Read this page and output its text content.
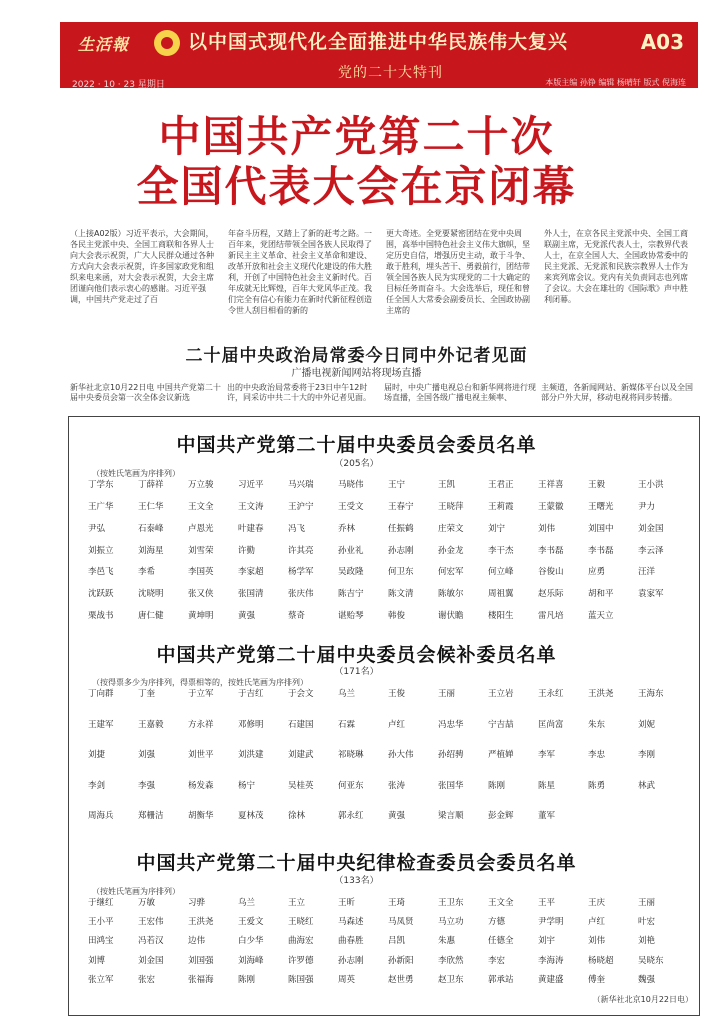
生活報	以中国式现代化全面推进中华民族伟大复兴	A03
党的二十大特刊
2022 · 10 · 23 星期日	本版主编 孙铮 编辑 杨晴轩 版式 倪海连
中国共产党第二十次
全国代表大会在京闭幕
（上接A02版）习近平表示，大会期间，各民主党派中央、全国工商联和各界人士向大会表示祝贺，广大人民群众通过各种方式向大会表示祝贺，许多国家政党和组织来电来函，对大会表示祝贺，大会主席团谨向他们表示衷心的感谢。习近平强调，中国共产党走过了百
年奋斗历程，又踏上了新的赶考之路。一百年来，党团结带领全国各族人民取得了新民主主义革命、社会主义革命和建设、改革开放和社会主义现代化建设的伟大胜利，开创了中国特色社会主义新时代。百年成就无比辉煌，百年大党风华正茂。我们完全有信心有能力在新时代新征程创造令世人刮目相看的新的
更大奇迹。全党要紧密团结在党中央周围，高举中国特色社会主义伟大旗帜，坚定历史自信，增强历史主动，敢于斗争、敢于胜利，埋头苦干、勇毅前行，团结带领全国各族人民为实现党的二十大确定的目标任务而奋斗。大会选举后，现任和曾任全国人大常委会副委员长、全国政协副主席的
外人士，在京各民主党派中央、全国工商联副主席，无党派代表人士，宗教界代表人士，在京全国人大、全国政协常委中的民主党派、无党派和民族宗教界人士作为来宾列席会议。党内有关负责同志也列席了会议。大会在雄壮的《国际歌》声中胜利闭幕。
二十届中央政治局常委今日同中外记者见面
广播电视新闻网站将现场直播
新华社北京10月22日电 中国共产党第二十届中央委员会第一次全体会议新选
出的中央政治局常委将于23日中午12时许，同采访中共二十大的中外记者见面。
届时，中央广播电视总台和新华网将进行现场直播，全国各级广播电视主频率、
主频道，各新闻网站、新媒体平台以及全国部分户外大屏，移动电视将同步转播。
中国共产党第二十届中央委员会委员名单
（205名）
（按姓氏笔画为序排列）
丁学东	丁薛祥	万立骏	习近平	马兴瑞	马晓伟	王宁	王凯	王君正	王祥喜	王毅	王小洪
王广华	王仁华	王文全	王文涛	王沪宁	王受文	王春宁	王晓萍	王莉霞	王蒙徽	王曙光	尹力
尹弘	石泰峰	卢恩光	叶建春	冯飞	乔林	任振鹤	庄荣文	刘宁	刘伟	刘国中	刘金国
刘振立	刘海星	刘雪荣	许勤	许其亮	孙业礼	孙志刚	孙金龙	李干杰	李书磊	李书磊	李云泽
李邑飞	李希	李国英	李家超	杨学军	吴政隆	何卫东	何宏军	何立峰	谷俊山	应勇	汪洋
沈跃跃	沈晓明	张又侠	张国清	张庆伟	陈吉宁	陈文清	陈敏尔	周祖翼	赵乐际	胡和平	袁家军
栗战书	唐仁健	黄坤明	黄强	蔡奇	谌贻琴	韩俊	谢伏瞻	楼阳生	雷凡培	蓝天立
中国共产党第二十届中央委员会候补委员名单
（171名）
（按得票多少为序排列，得票相等的，按姓氏笔画为序排列）
丁向群	丁奎	于立军	于吉红	于会文	乌兰	王俊	王丽	王立岩	王永红	王洪尧	王海东
王建军	王嘉毅	方永祥	邓修明	石建国	石霖	卢红	冯忠华	宁吉喆	匡尚富	朱东	刘妮
刘捷	刘强	刘世平	刘洪建	刘建武	祁晓琳	孙大伟	孙绍骋	严植婵	李军	李忠	李刚
李剑	李强	杨发森	杨宁	吴桂英	何亚东	张涛	张国华	陈刚	陈星	陈勇	林武
周海兵	郑栅洁	胡衡华	夏林茂	徐林	郭永红	黄强	梁言顺	彭金辉	董军
中国共产党第二十届中央纪律检查委员会委员名单
（133名）
（按姓氏笔画为序排列）
于继红	万敏	习骅	乌兰	王立	王昕	王琦	王卫东	王文全	王平	王庆	王丽
王小平	王宏伟	王洪尧	王爱文	王晓红	马森述	马凤贤	马立功	方德	尹学明	卢红	叶宏
田鸿宝	冯若汉	边伟	白少华	曲海宏	曲春胜	吕凯	朱惠	任德全	刘宇	刘伟	刘艳
刘博	刘金国	刘国强	刘海峰	许罗德	孙志刚	孙新阳	李欣然	李宏	李海涛	杨晓超	吴晓东
张立军	张宏	张福海	陈刚	陈国强	周英	赵世勇	赵卫东	郭承站	黄建盛	傅奎	魏强
（新华社北京10月22日电）
